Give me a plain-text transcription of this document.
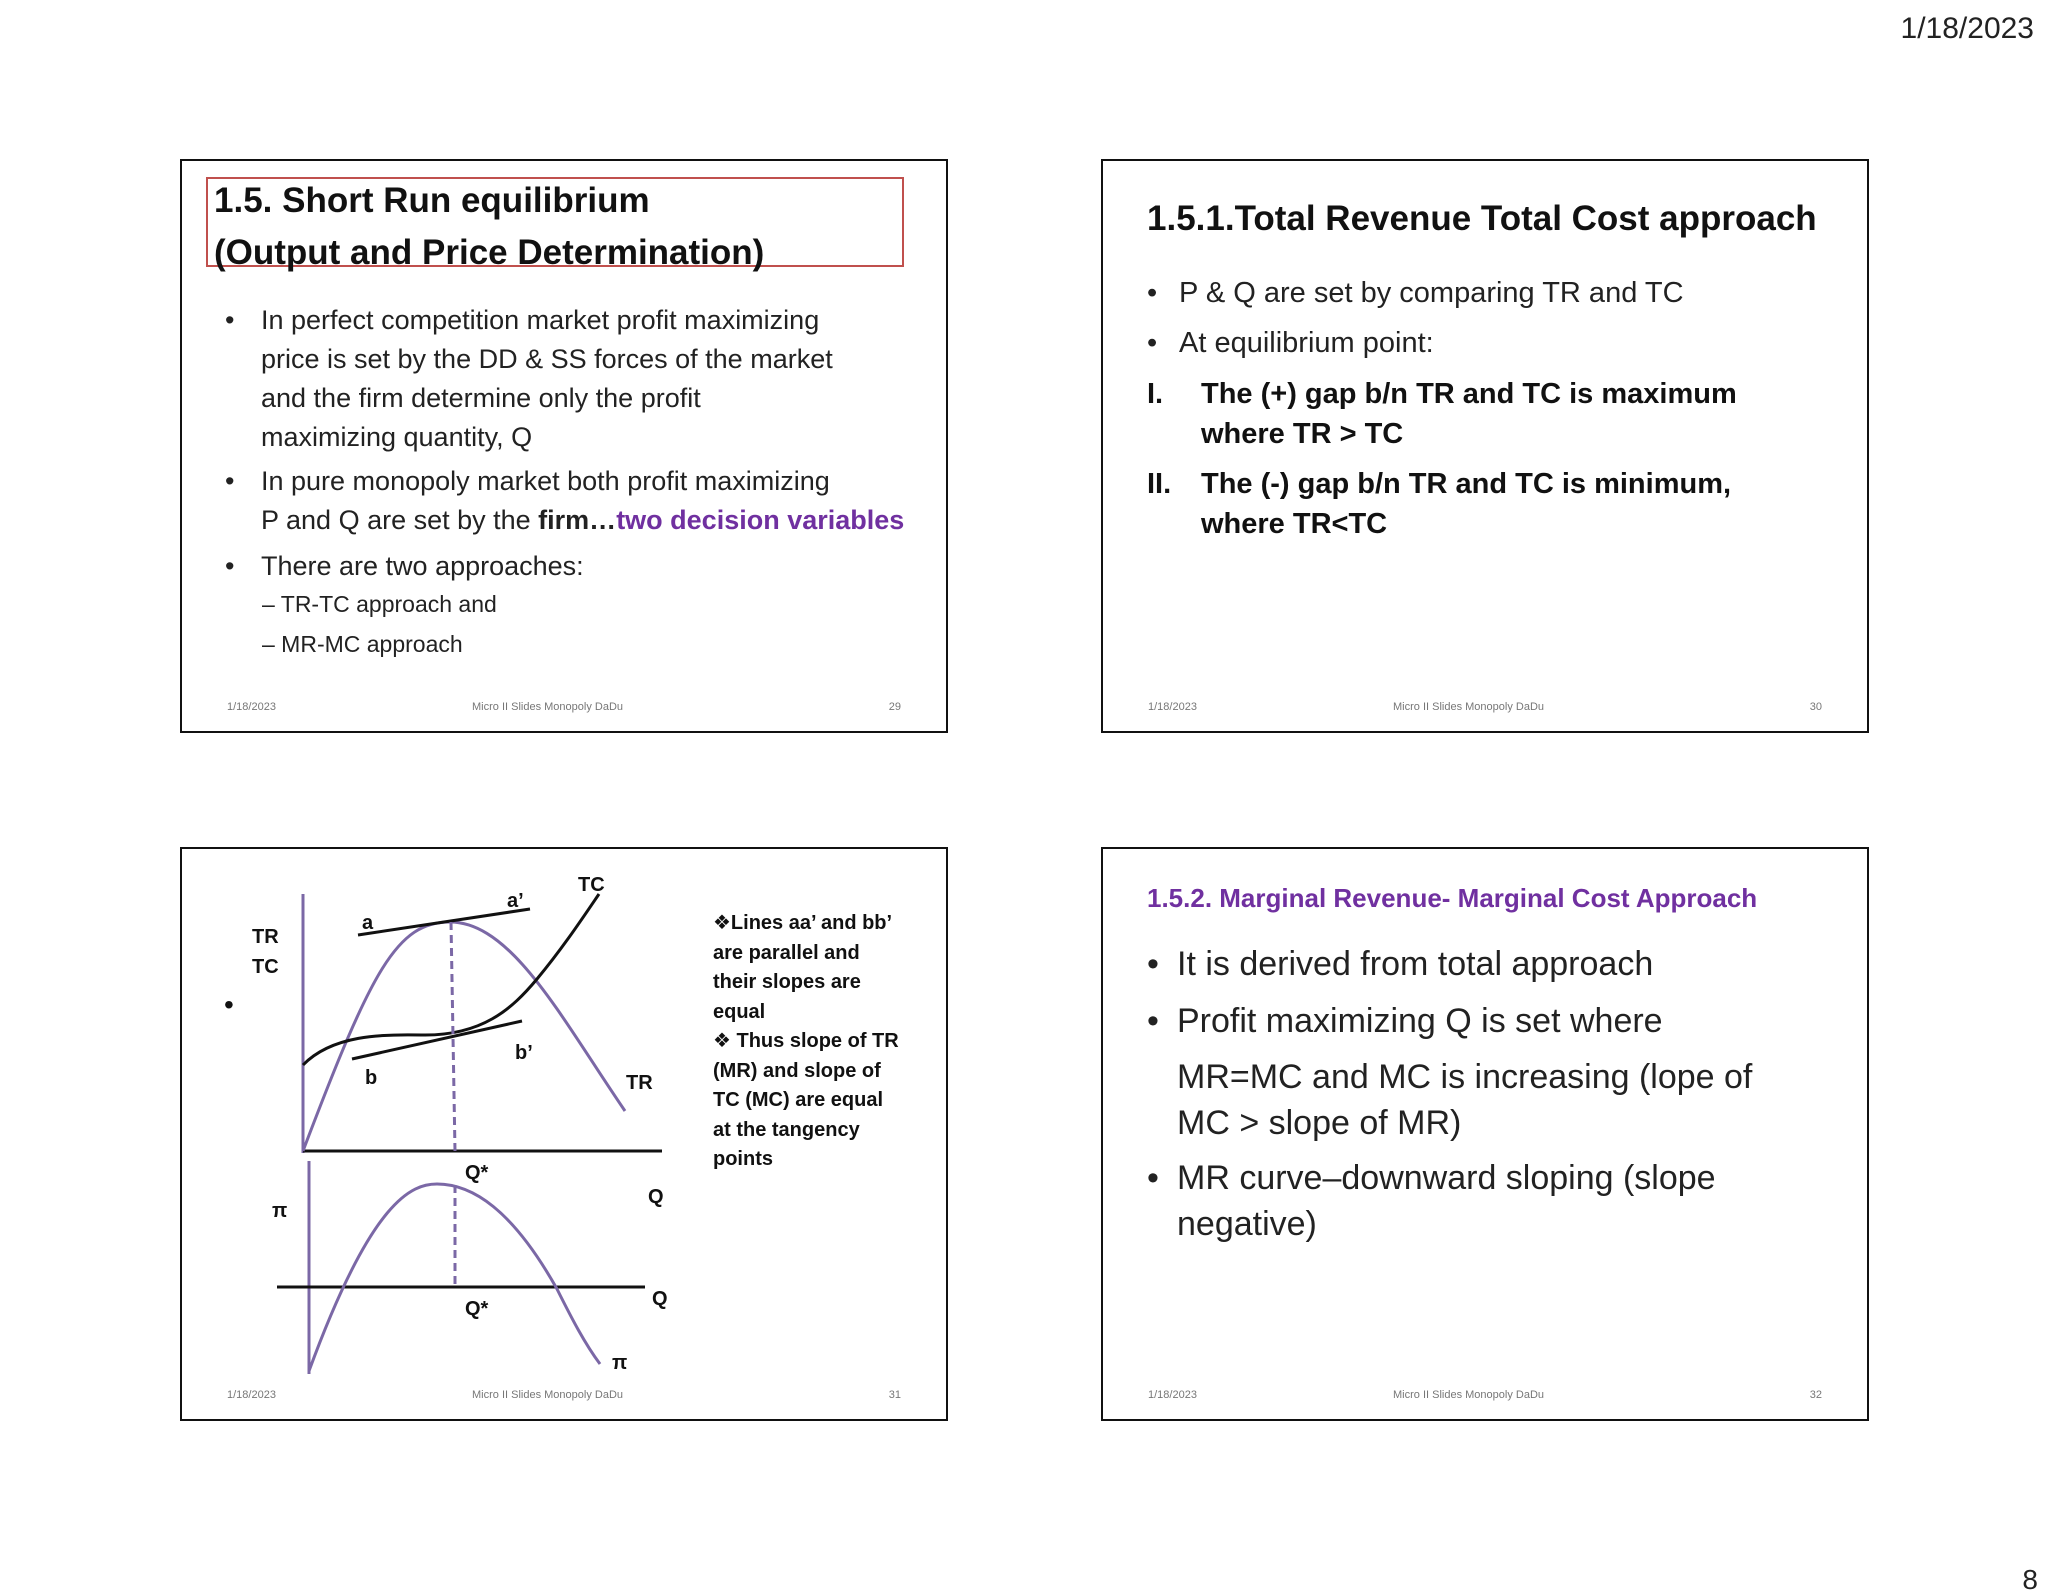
1/18/2023
1.5. Short Run equilibrium
(Output and Price Determination)
• In perfect competition market profit maximizing
price is set by the DD & SS forces of the market
and the firm determine only the profit
maximizing quantity, Q
• In pure monopoly market both profit maximizing
P and Q are set by the firm…two decision variables
• There are two approaches:
– TR-TC approach and
– MR-MC approach
1/18/2023	Micro II Slides Monopoly DaDu	29
1.5.1.Total Revenue Total Cost approach
• P & Q are set by comparing TR and TC
• At equilibrium point:
I. The (+) gap b/n TR and TC is maximum
where TR > TC
II. The (-) gap b/n TR and TC is minimum,
where TR<TC
1/18/2023	Micro II Slides Monopoly DaDu	30
•
TR
TC
a
a’
TC
b
b’
TR
Q*
Q
π
Q*	Q
π
❖Lines aa’ and bb’
are parallel and
their slopes are
equal
❖ Thus slope of TR
(MR) and slope of
TC (MC) are equal
at the tangency
points
1/18/2023	Micro II Slides Monopoly DaDu	31
1.5.2. Marginal Revenue- Marginal Cost Approach
• It is derived from total approach
• Profit maximizing Q is set where
MR=MC and MC is increasing (lope of
MC > slope of MR)
• MR curve–downward sloping (slope
negative)
1/18/2023	Micro II Slides Monopoly DaDu	32
8
